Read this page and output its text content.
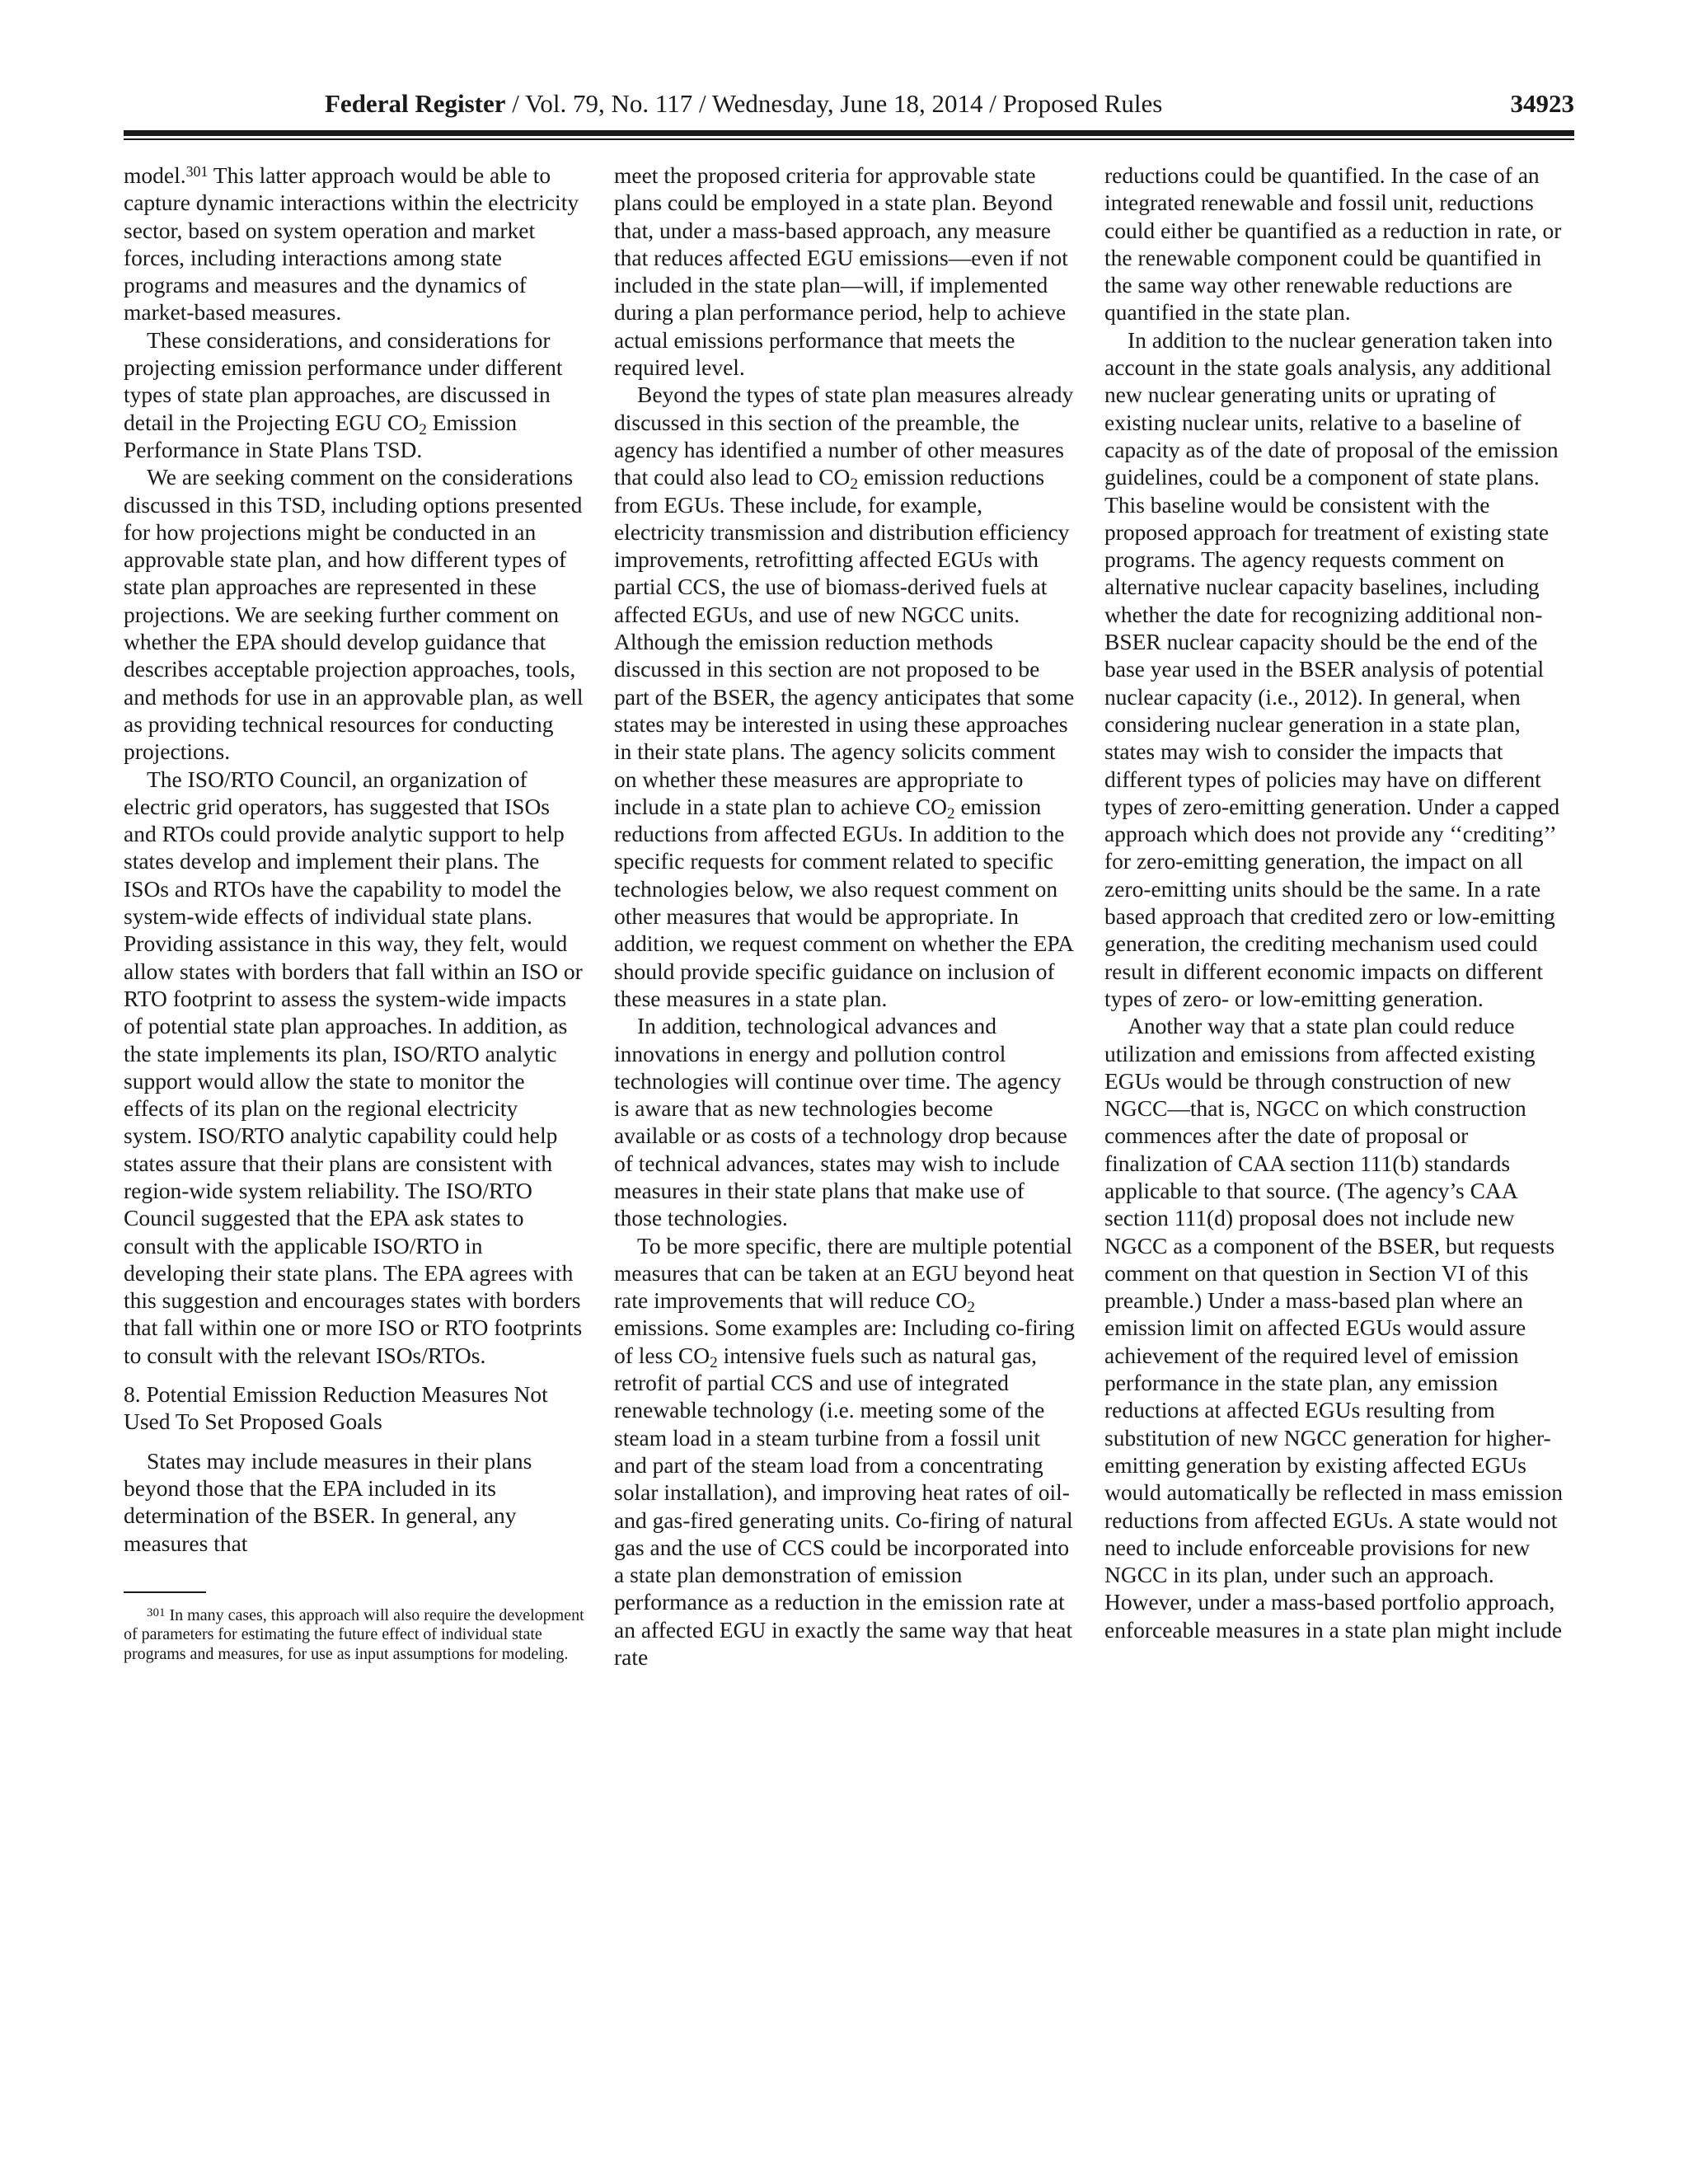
Federal Register / Vol. 79, No. 117 / Wednesday, June 18, 2014 / Proposed Rules	34923

model.$^{301}$ This latter approach would be able to capture dynamic interactions within the electricity sector, based on system operation and market forces, including interactions among state programs and measures and the dynamics of market-based measures.

These considerations, and considerations for projecting emission performance under different types of state plan approaches, are discussed in detail in the Projecting EGU $CO_2$ Emission Performance in State Plans TSD.

We are seeking comment on the considerations discussed in this TSD, including options presented for how projections might be conducted in an approvable state plan, and how different types of state plan approaches are represented in these projections. We are seeking further comment on whether the EPA should develop guidance that describes acceptable projection approaches, tools, and methods for use in an approvable plan, as well as providing technical resources for conducting projections.

The ISO/RTO Council, an organization of electric grid operators, has suggested that ISOs and RTOs could provide analytic support to help states develop and implement their plans. The ISOs and RTOs have the capability to model the system-wide effects of individual state plans. Providing assistance in this way, they felt, would allow states with borders that fall within an ISO or RTO footprint to assess the system-wide impacts of potential state plan approaches. In addition, as the state implements its plan, ISO/RTO analytic support would allow the state to monitor the effects of its plan on the regional electricity system. ISO/RTO analytic capability could help states assure that their plans are consistent with region-wide system reliability. The ISO/RTO Council suggested that the EPA ask states to consult with the applicable ISO/RTO in developing their state plans. The EPA agrees with this suggestion and encourages states with borders that fall within one or more ISO or RTO footprints to consult with the relevant ISOs/RTOs.

8. Potential Emission Reduction Measures Not Used To Set Proposed Goals

States may include measures in their plans beyond those that the EPA included in its determination of the BSER. In general, any measures that

$^{301}$ In many cases, this approach will also require the development of parameters for estimating the future effect of individual state programs and measures, for use as input assumptions for modeling.

meet the proposed criteria for approvable state plans could be employed in a state plan. Beyond that, under a mass-based approach, any measure that reduces affected EGU emissions—even if not included in the state plan—will, if implemented during a plan performance period, help to achieve actual emissions performance that meets the required level.

Beyond the types of state plan measures already discussed in this section of the preamble, the agency has identified a number of other measures that could also lead to $CO_2$ emission reductions from EGUs. These include, for example, electricity transmission and distribution efficiency improvements, retrofitting affected EGUs with partial CCS, the use of biomass-derived fuels at affected EGUs, and use of new NGCC units. Although the emission reduction methods discussed in this section are not proposed to be part of the BSER, the agency anticipates that some states may be interested in using these approaches in their state plans. The agency solicits comment on whether these measures are appropriate to include in a state plan to achieve $CO_2$ emission reductions from affected EGUs. In addition to the specific requests for comment related to specific technologies below, we also request comment on other measures that would be appropriate. In addition, we request comment on whether the EPA should provide specific guidance on inclusion of these measures in a state plan.

In addition, technological advances and innovations in energy and pollution control technologies will continue over time. The agency is aware that as new technologies become available or as costs of a technology drop because of technical advances, states may wish to include measures in their state plans that make use of those technologies.

To be more specific, there are multiple potential measures that can be taken at an EGU beyond heat rate improvements that will reduce $CO_2$ emissions. Some examples are: Including co-firing of less $CO_2$ intensive fuels such as natural gas, retrofit of partial CCS and use of integrated renewable technology (i.e. meeting some of the steam load in a steam turbine from a fossil unit and part of the steam load from a concentrating solar installation), and improving heat rates of oil- and gas-fired generating units. Co-firing of natural gas and the use of CCS could be incorporated into a state plan demonstration of emission performance as a reduction in the emission rate at an affected EGU in exactly the same way that heat rate

reductions could be quantified. In the case of an integrated renewable and fossil unit, reductions could either be quantified as a reduction in rate, or the renewable component could be quantified in the same way other renewable reductions are quantified in the state plan.

In addition to the nuclear generation taken into account in the state goals analysis, any additional new nuclear generating units or uprating of existing nuclear units, relative to a baseline of capacity as of the date of proposal of the emission guidelines, could be a component of state plans. This baseline would be consistent with the proposed approach for treatment of existing state programs. The agency requests comment on alternative nuclear capacity baselines, including whether the date for recognizing additional non-BSER nuclear capacity should be the end of the base year used in the BSER analysis of potential nuclear capacity (i.e., 2012). In general, when considering nuclear generation in a state plan, states may wish to consider the impacts that different types of policies may have on different types of zero-emitting generation. Under a capped approach which does not provide any ‘‘crediting’’ for zero-emitting generation, the impact on all zero-emitting units should be the same. In a rate based approach that credited zero or low-emitting generation, the crediting mechanism used could result in different economic impacts on different types of zero- or low-emitting generation.

Another way that a state plan could reduce utilization and emissions from affected existing EGUs would be through construction of new NGCC—that is, NGCC on which construction commences after the date of proposal or finalization of CAA section 111(b) standards applicable to that source. (The agency’s CAA section 111(d) proposal does not include new NGCC as a component of the BSER, but requests comment on that question in Section VI of this preamble.) Under a mass-based plan where an emission limit on affected EGUs would assure achievement of the required level of emission performance in the state plan, any emission reductions at affected EGUs resulting from substitution of new NGCC generation for higher-emitting generation by existing affected EGUs would automatically be reflected in mass emission reductions from affected EGUs. A state would not need to include enforceable provisions for new NGCC in its plan, under such an approach. However, under a mass-based portfolio approach, enforceable measures in a state plan might include
